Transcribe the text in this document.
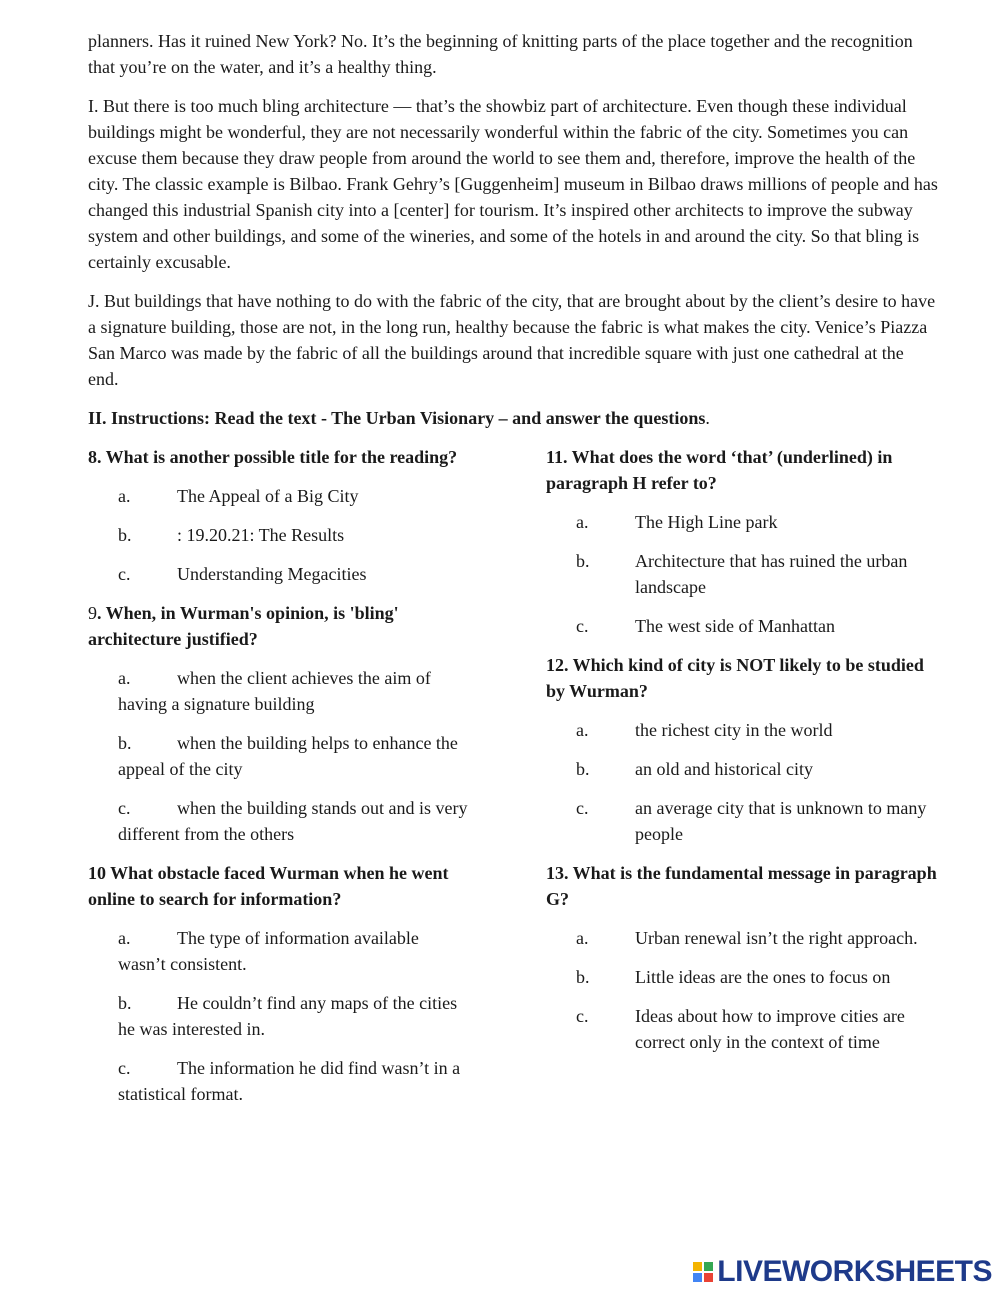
planners. Has it ruined New York? No. It’s the beginning of knitting parts of the place together and the recognition that you’re on the water, and it’s a healthy thing.

I. But there is too much bling architecture — that’s the showbiz part of architecture. Even though these individual buildings might be wonderful, they are not necessarily wonderful within the fabric of the city. Sometimes you can excuse them because they draw people from around the world to see them and, therefore, improve the health of the city. The classic example is Bilbao. Frank Gehry’s [Guggenheim] museum in Bilbao draws millions of people and has changed this industrial Spanish city into a [center] for tourism. It’s inspired other architects to improve the subway system and other buildings, and some of the wineries, and some of the hotels in and around the city. So that bling is certainly excusable.

J. But buildings that have nothing to do with the fabric of the city, that are brought about by the client’s desire to have a signature building, those are not, in the long run, healthy because the fabric is what makes the city. Venice’s Piazza San Marco was made by the fabric of all the buildings around that incredible square with just one cathedral at the end.

II. Instructions: Read the text - The Urban Visionary – and answer the questions.

8. What is another possible title for the reading?

a.	The Appeal of a Big City
b.	: 19.20.21: The Results
c.	Understanding Megacities

9. When, in Wurman's opinion, is 'bling' architecture justified?

a.	when the client achieves the aim of having a signature building
b.	when the building helps to enhance the appeal of the city
c.	when the building stands out and is very different from the others

10 What obstacle faced Wurman when he went online to search for information?

a.	The type of information available wasn’t consistent.
b.	He couldn’t find any maps of the cities he was interested in.
c.	The information he did find wasn’t in a statistical format.

11. What does the word ‘that’ (underlined) in paragraph H refer to?

a.	The High Line park
b.	Architecture that has ruined the urban landscape
c.	The west side of Manhattan

12. Which kind of city is NOT likely to be studied by Wurman?

a.	the richest city in the world
b.	an old and historical city
c.	an average city that is unknown to many people

13. What is the fundamental message in paragraph G?

a.	Urban renewal isn’t the right approach.
b.	Little ideas are the ones to focus on
c.	Ideas about how to improve cities are correct only in the context of time
LIVEWORKSHEETS
